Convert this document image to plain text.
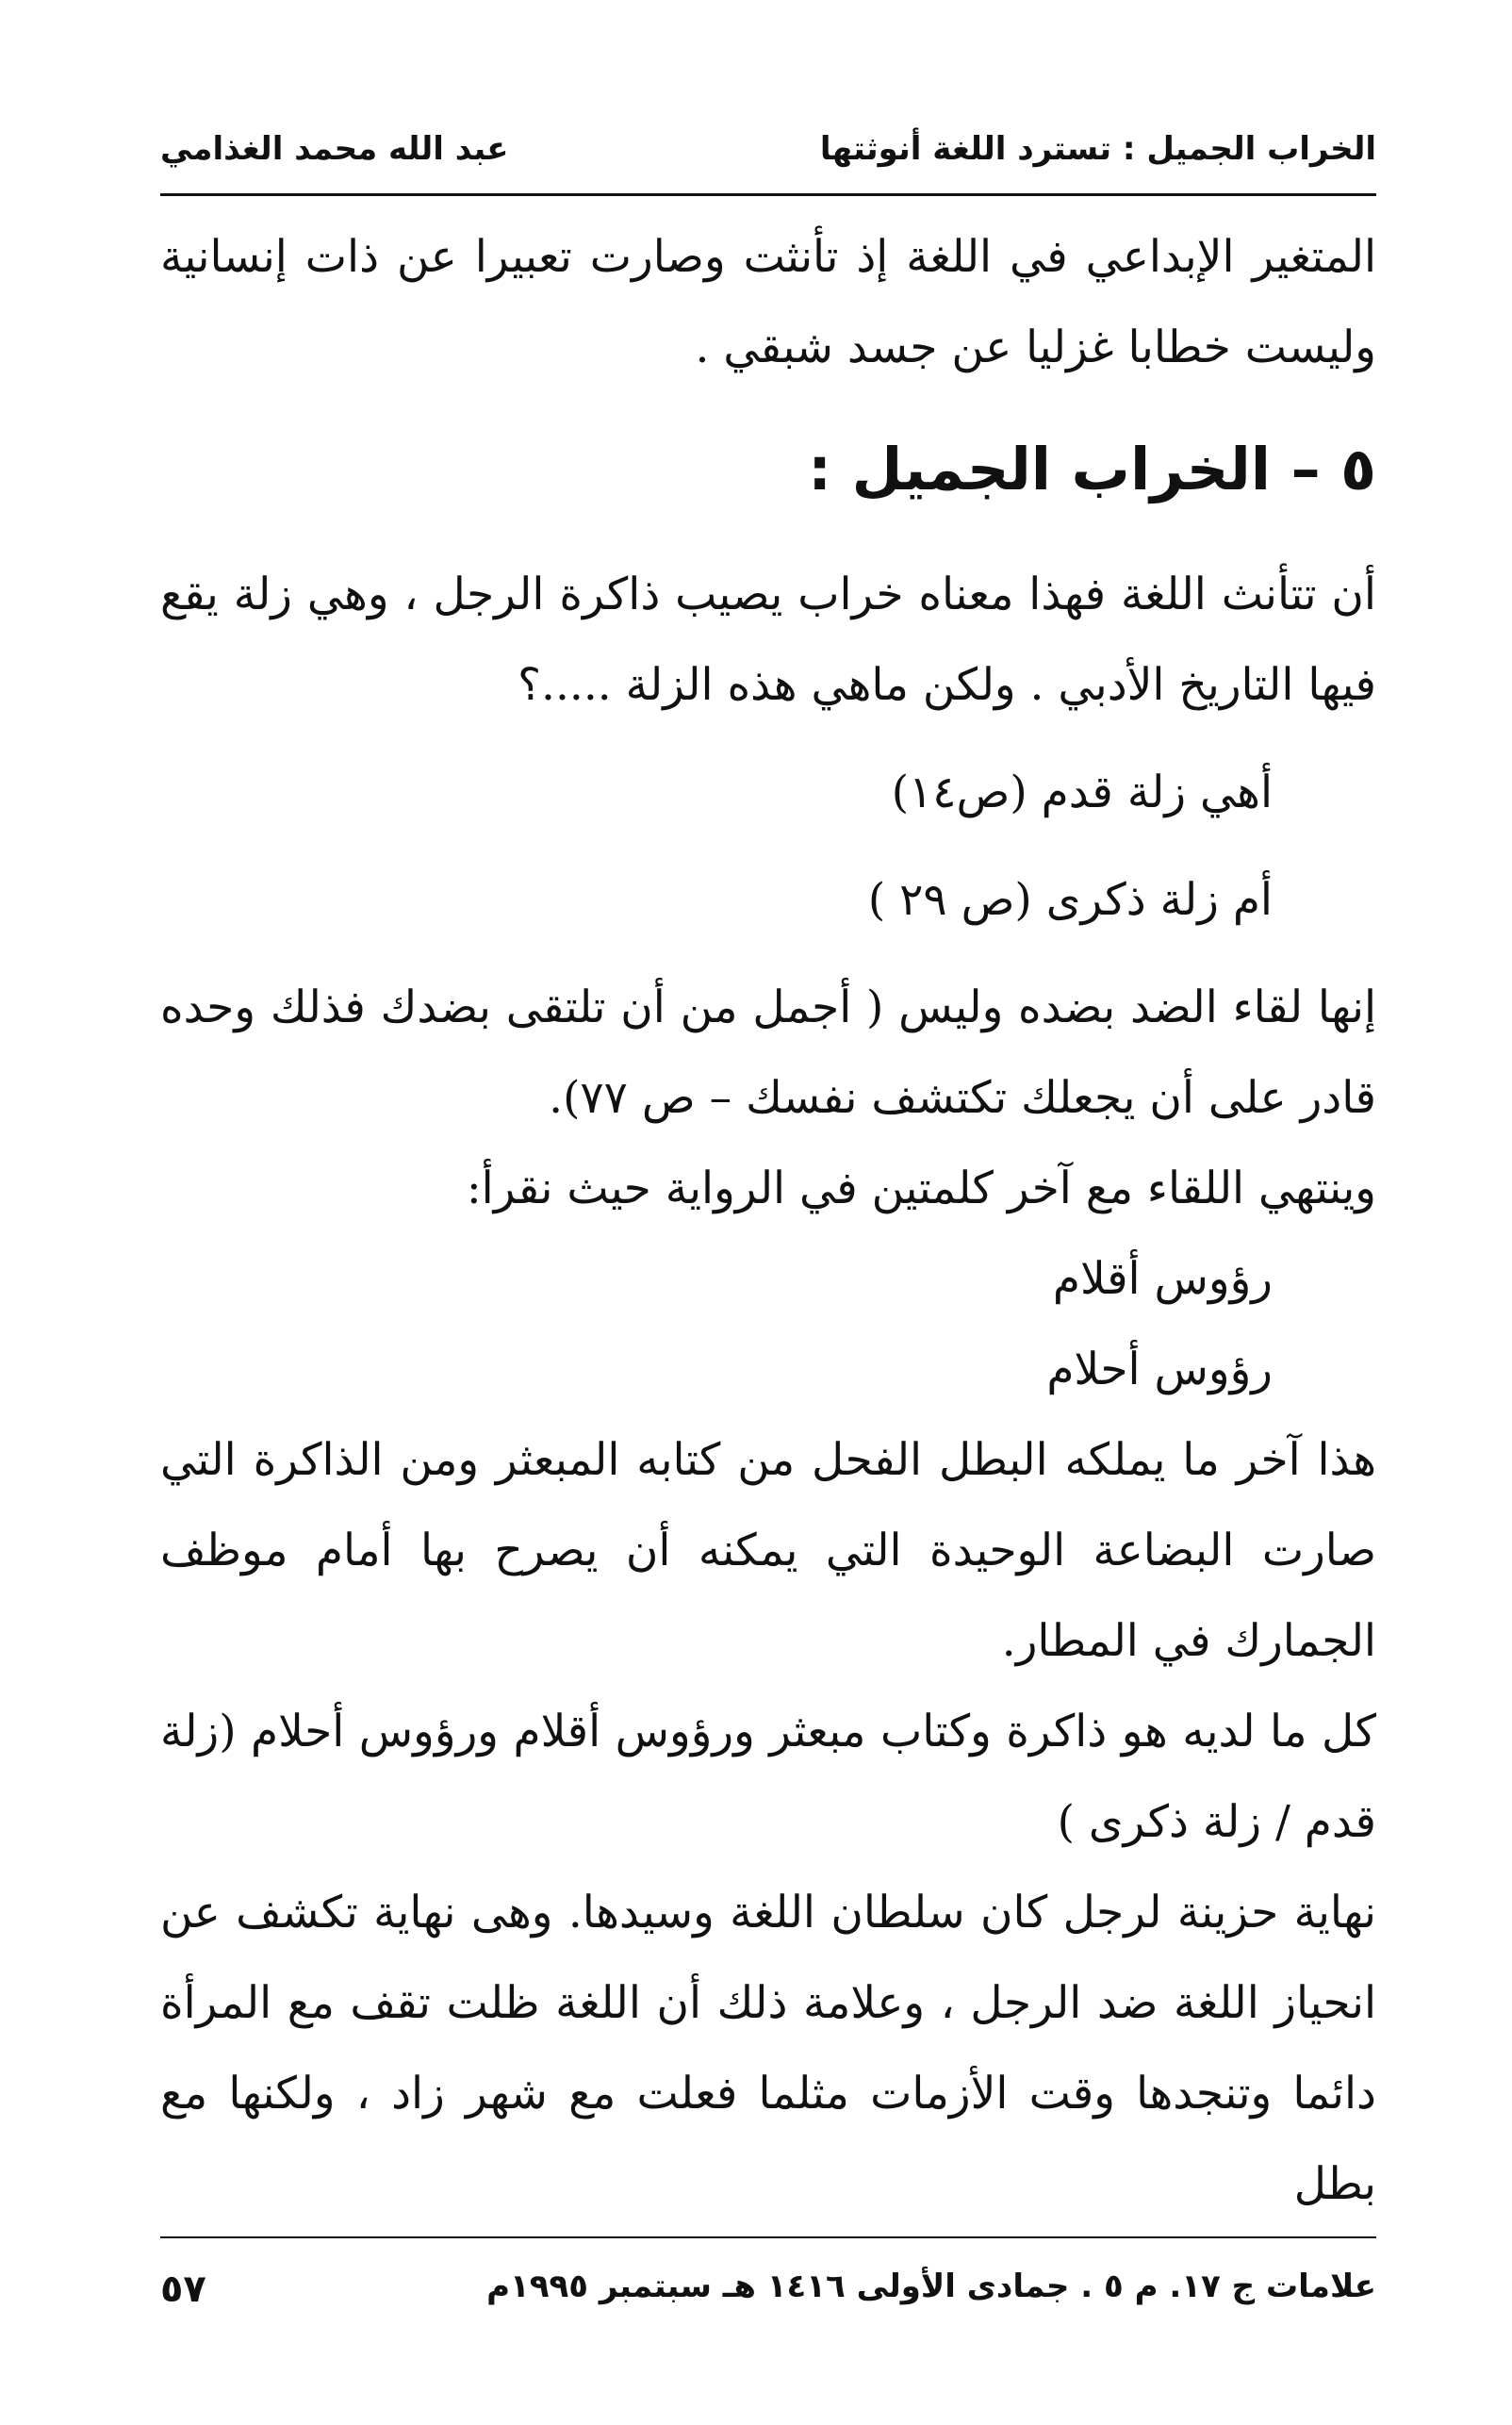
الخراب الجميل : تسترد اللغة أنوثتها
عبد الله محمد الغذامي

المتغير الإبداعي في اللغة إذ تأنثت وصارت تعبيرا عن ذات إنسانية وليست خطابا غزليا عن جسد شبقي .

٥ – الخراب الجميل :

أن تتأنث اللغة فهذا معناه خراب يصيب ذاكرة الرجل ، وهي زلة يقع فيها التاريخ الأدبي . ولكن ماهي هذه الزلة .....؟

أهي زلة قدم (ص١٤)

أم زلة ذكرى (ص ٢٩ )

إنها لقاء الضد بضده وليس ( أجمل من أن تلتقى بضدك فذلك وحده قادر على أن يجعلك تكتشف نفسك – ص ٧٧).

وينتهي اللقاء مع آخر كلمتين في الرواية حيث نقرأ:

رؤوس أقلام

رؤوس أحلام

هذا آخر ما يملكه البطل الفحل من كتابه المبعثر ومن الذاكرة التي صارت البضاعة الوحيدة التي يمكنه أن يصرح بها أمام موظف الجمارك في المطار.

كل ما لديه هو ذاكرة وكتاب مبعثر ورؤوس أقلام ورؤوس أحلام (زلة قدم / زلة ذكرى )

نهاية حزينة لرجل كان سلطان اللغة وسيدها. وهى نهاية تكشف عن انحياز اللغة ضد الرجل ، وعلامة ذلك أن اللغة ظلت تقف مع المرأة دائما وتنجدها وقت الأزمات مثلما فعلت مع شهر زاد ، ولكنها مع بطل

علامات ج ١٧. م ٥ . جمادى الأولى ١٤١٦ هـ سبتمبر ١٩٩٥م
٥٧
